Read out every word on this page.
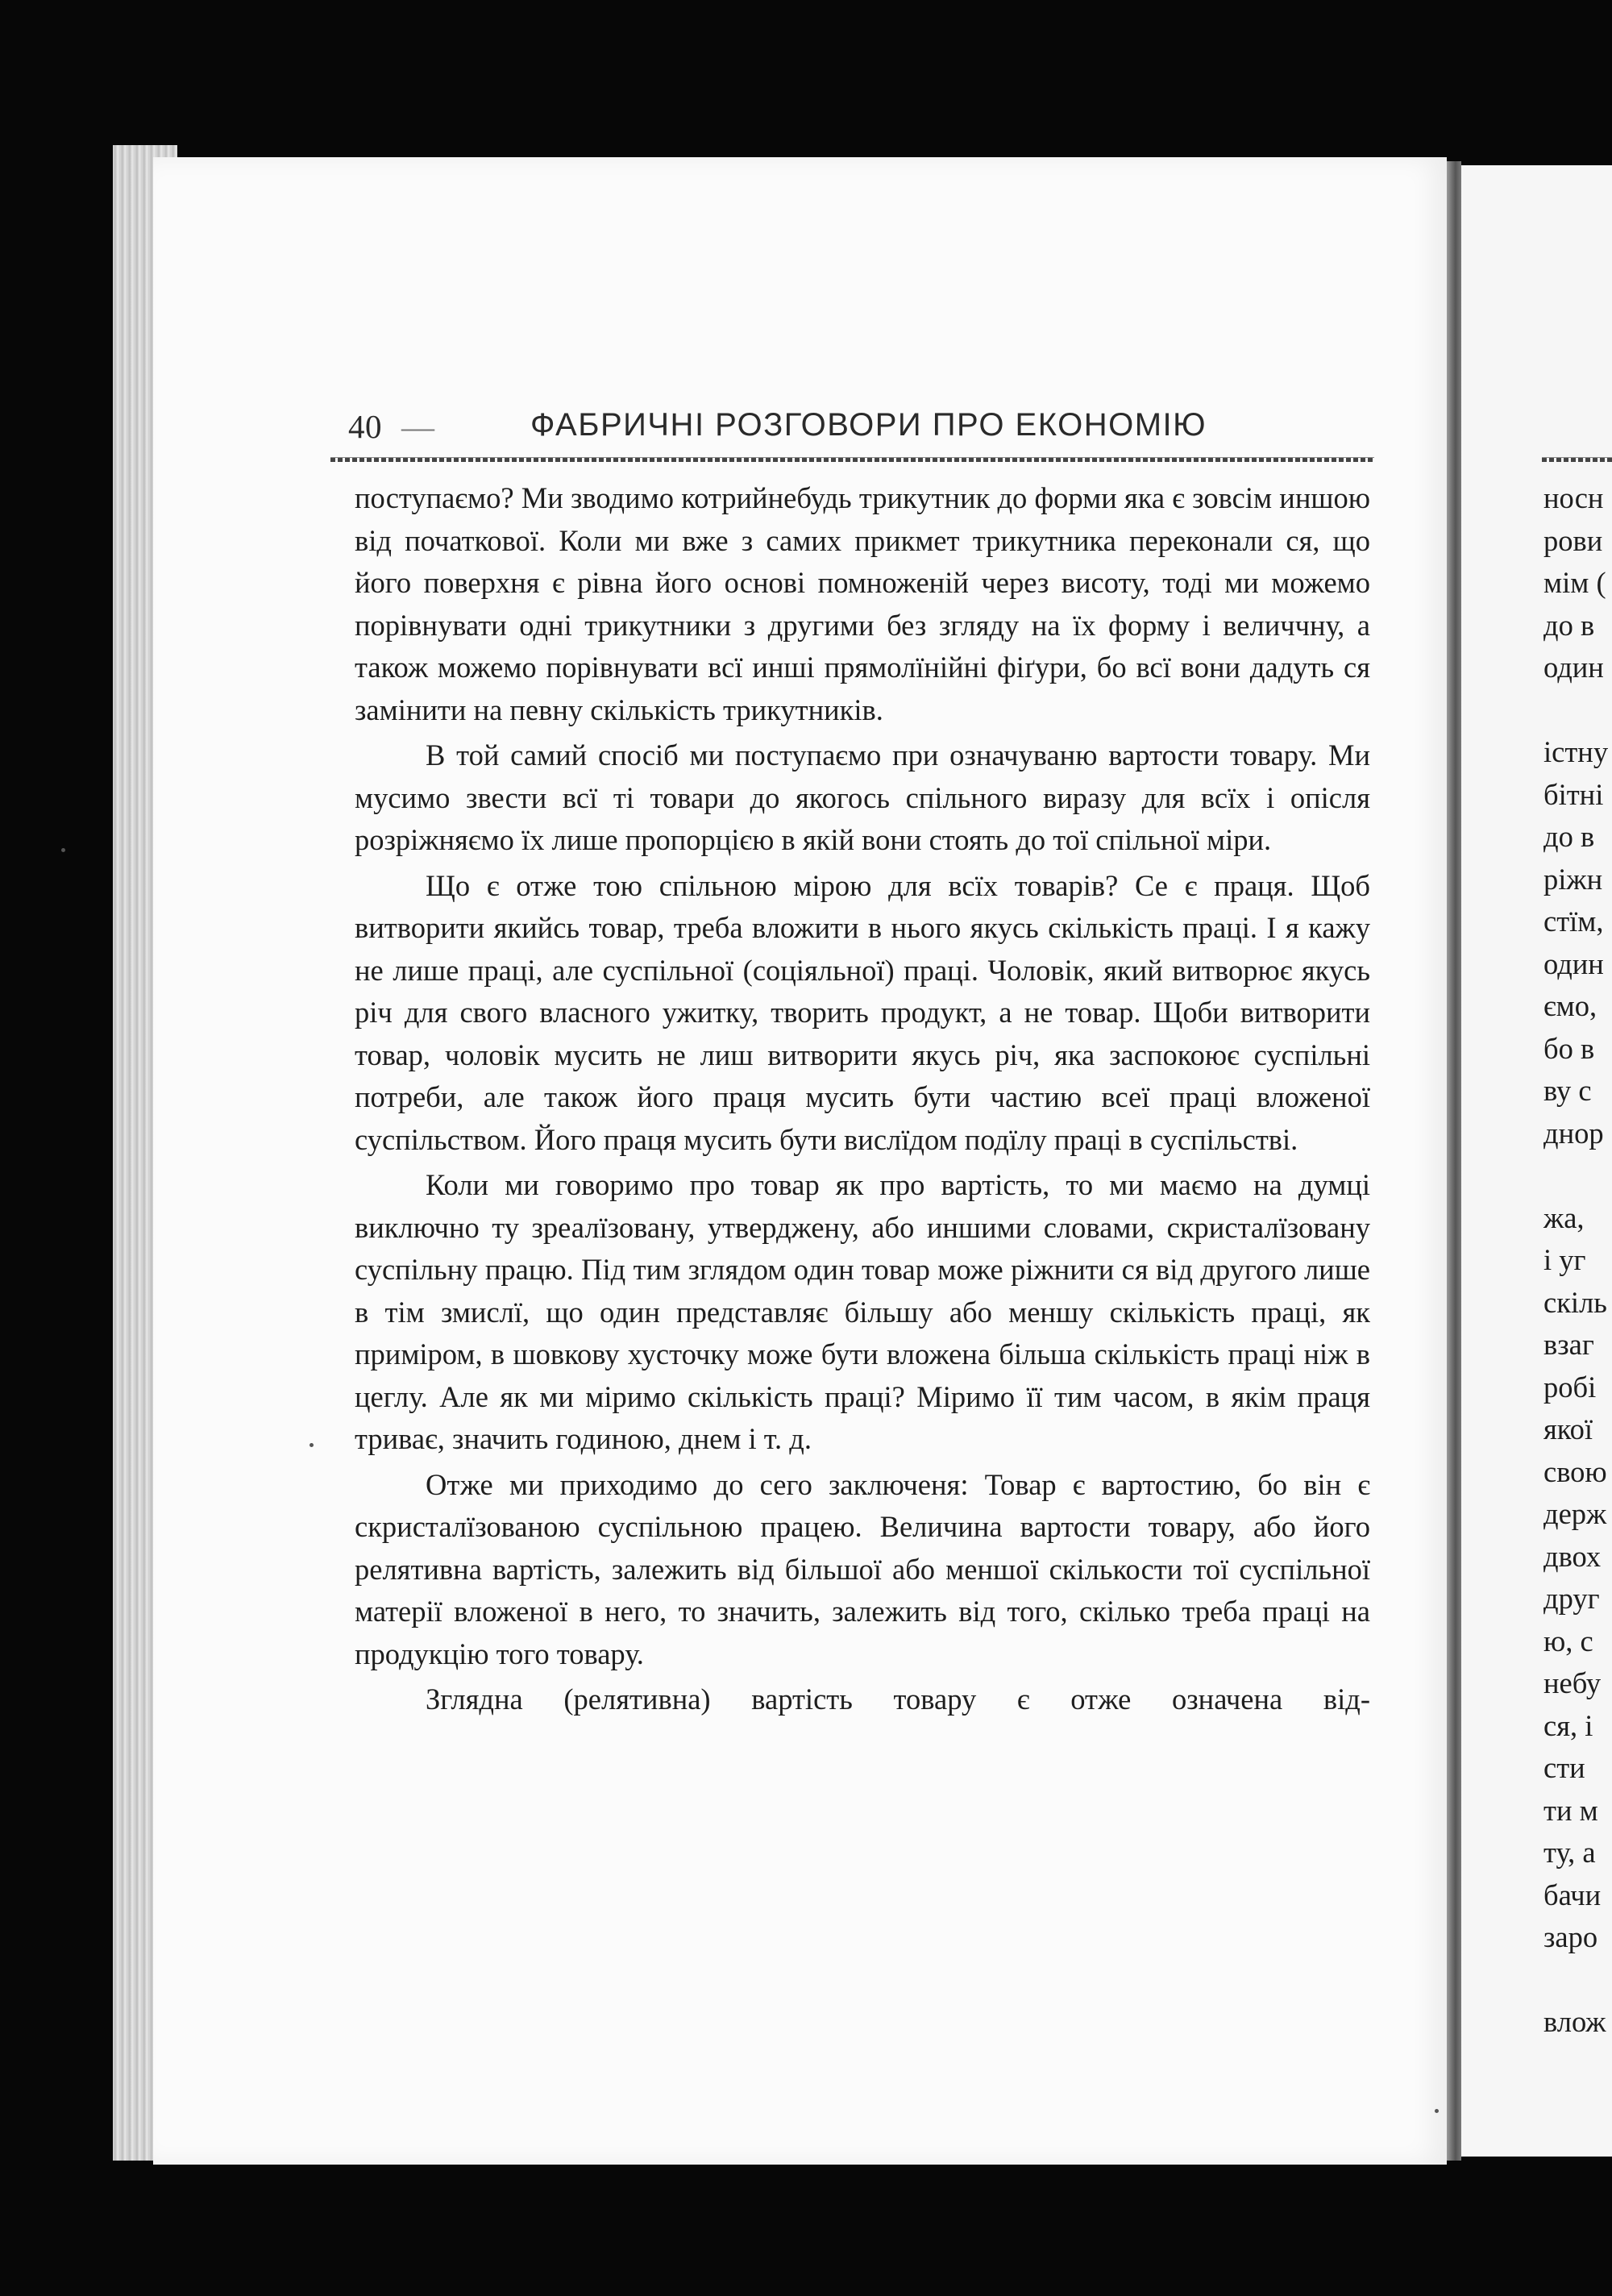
40 —	ФАБРИЧНІ РОЗГОВОРИ ПРО ЕКОНОМІЮ

поступаємо? Ми зводимо котрийнебудь трикутник до форми яка є зовсім иншою від початкової. Коли ми вже з самих прикмет трикутника переконали ся, що його поверхня є рівна його основі помноженій через висоту, тоді ми можемо порівнувати одні трикутники з другими без згляду на їх форму і величчну, а також можемо порівнувати всї инші прямолїнійні фіґури, бо всї вони дадуть ся замінити на певну скількість трикутників.

В той самий спосіб ми поступаємо при означуваню вартости товару. Ми мусимо звести всї ті товари до якогось спільного виразу для всїх і опісля розріжняємо їх лише пропорцією в якій вони стоять до тої спільної міри.

Що є отже тою спільною мірою для всїх товарів? Се є праця. Щоб витворити якийсь товар, треба вложити в нього якусь скількість праці. І я кажу не лише праці, але суспільної (соціяльної) праці. Чоловік, який витворює якусь річ для свого власного ужитку, творить продукт, а не товар. Щоби витворити товар, чоловік мусить не лиш витворити якусь річ, яка заспокоює суспільні потреби, але також його праця мусить бути частию всеї праці вложеної суспільством. Його праця мусить бути вислїдом подїлу праці в суспільстві.

Коли ми говоримо про товар як про вартість, то ми маємо на думці виключно ту зреалїзовану, утверджену, або иншими словами, скристалїзовану суспільну працю. Під тим зглядом один товар може ріжнити ся від другого лише в тім змислї, що один представляє більшу або меншу скількість праці, як приміром, в шовкову хусточку може бути вложена більша скількість праці ніж в цеглу. Але як ми міримо скількість праці? Міримо її тим часом, в якім праця триває, значить годиною, днем і т. д.

Отже ми приходимо до сего заключеня: Товар є вартостию, бо він є скристалїзованою суспільною працею. Величина вартости товару, або його релятивна вартість, залежить від більшої або меншої скількости тої суспільної матерії вложеної в него, то значить, залежить від того, скілько треба праці на продукцію того товару.

Зглядна (релятивна) вартість товару є отже означена від-

носн
рови
мім (
до в
один
істну
бітні
до в
ріжн
стїм,
один
ємо,
бо в
ву с
днор
жа,
і уг
скіль
взаг
робі
якої
свою
держ
двох
друг
ю, с
небу
ся, і
сти
ти м
ту, а
бачи
заро
влож
